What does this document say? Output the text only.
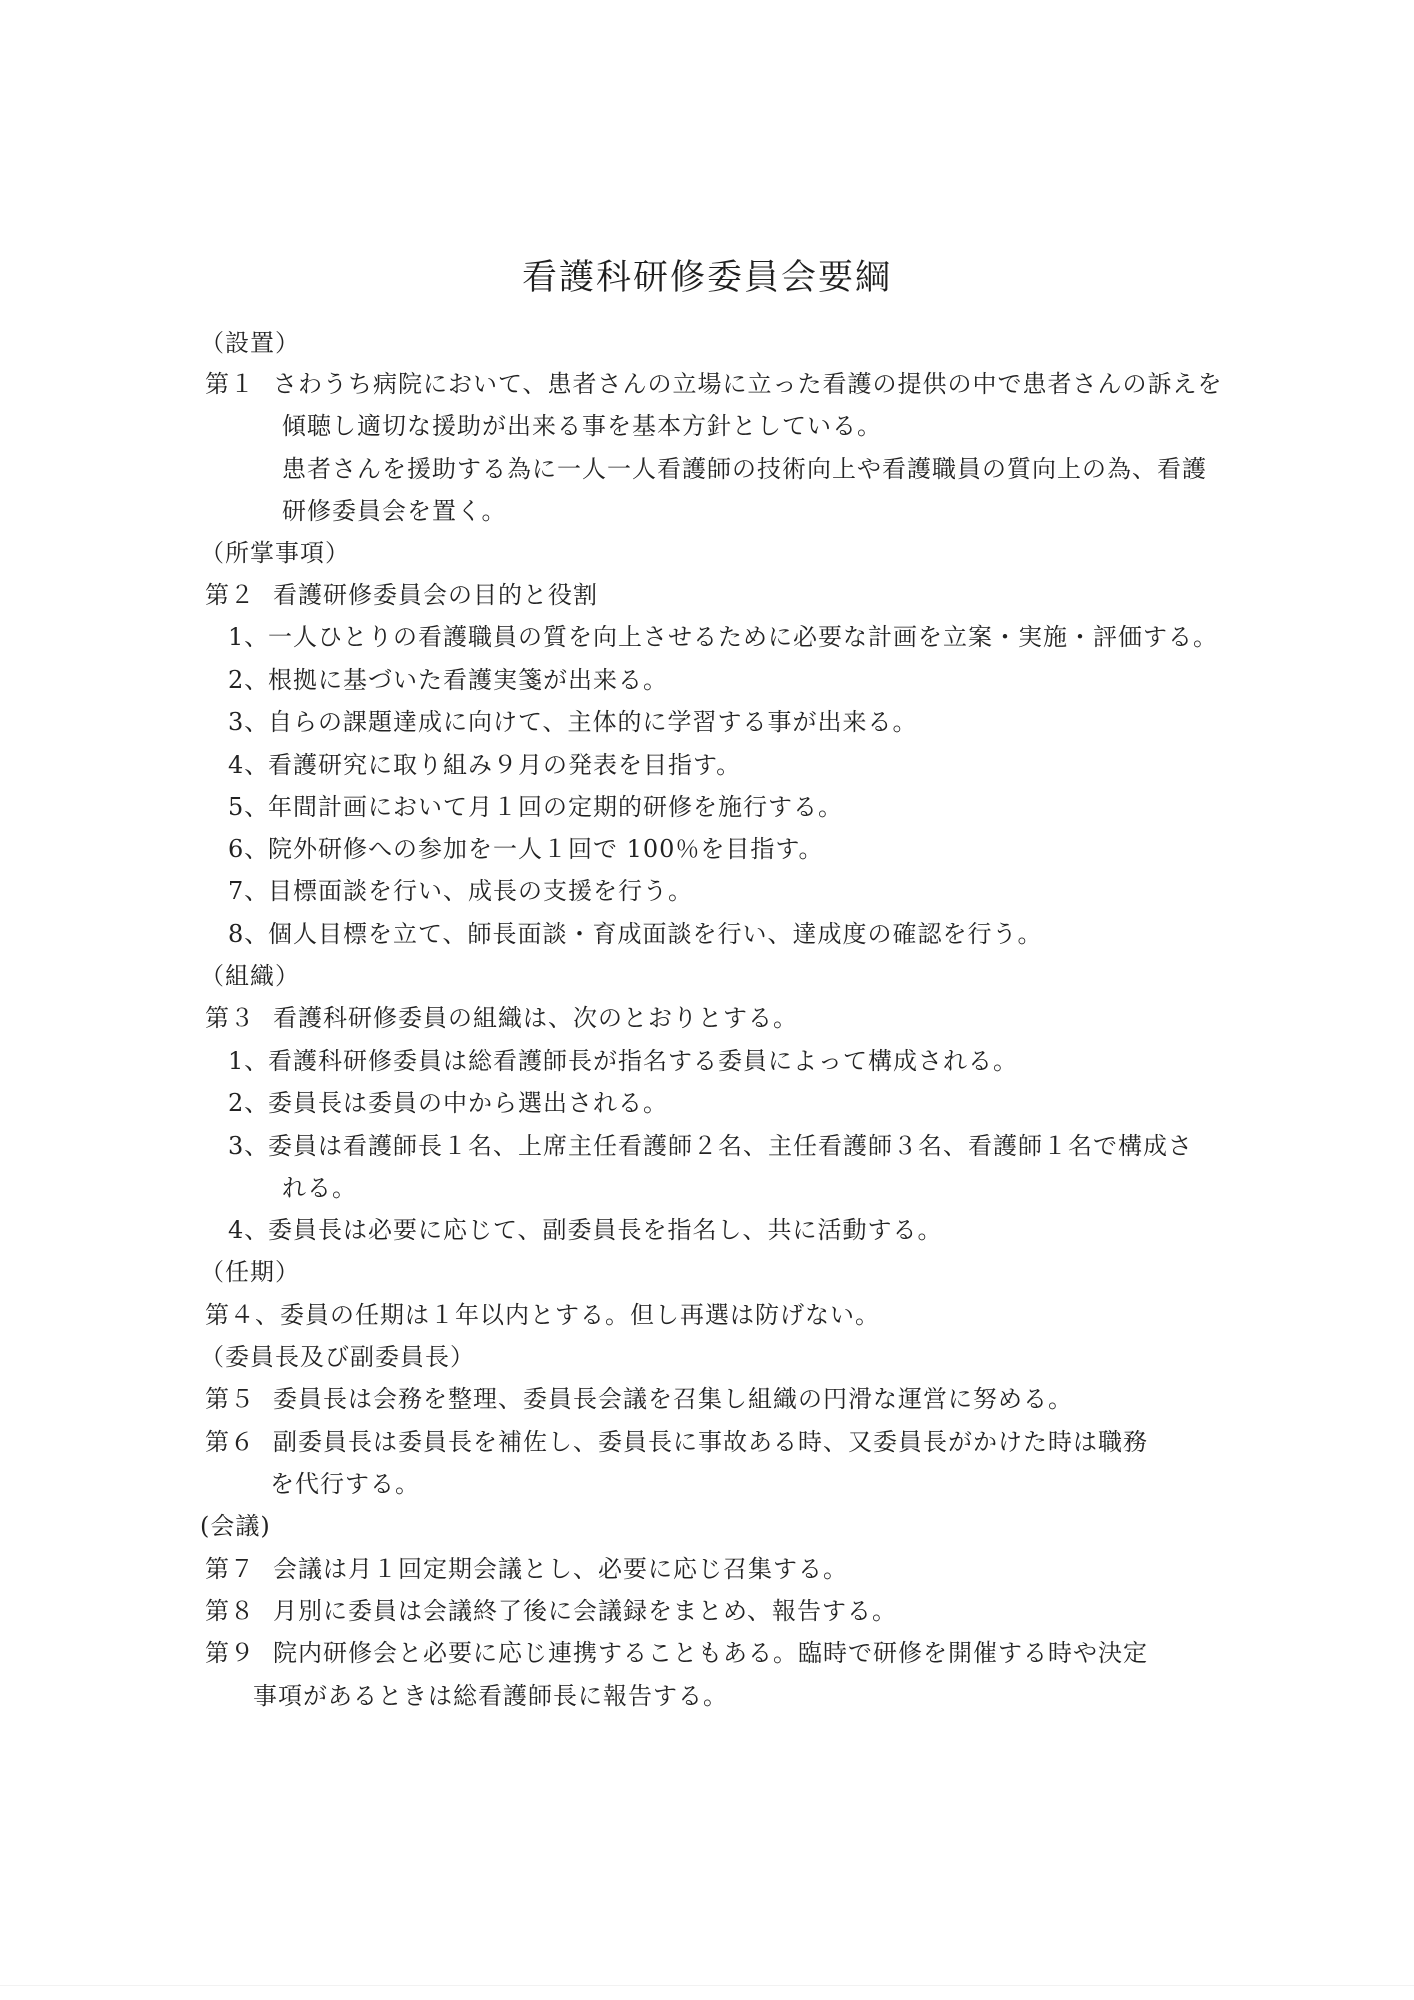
看護科研修委員会要綱
（設置）
第１ さわうち病院において、患者さんの立場に立った看護の提供の中で患者さんの訴えを
傾聴し適切な援助が出来る事を基本方針としている。
患者さんを援助する為に一人一人看護師の技術向上や看護職員の質向上の為、看護
研修委員会を置く。
（所掌事項）
第２ 看護研修委員会の目的と役割
1、一人ひとりの看護職員の質を向上させるために必要な計画を立案・実施・評価する。
2、根拠に基づいた看護実箋が出来る。
3、自らの課題達成に向けて、主体的に学習する事が出来る。
4、看護研究に取り組み９月の発表を目指す。
5、年間計画において月１回の定期的研修を施行する。
6、院外研修への参加を一人１回で 100％を目指す。
7、目標面談を行い、成長の支援を行う。
8、個人目標を立て、師長面談・育成面談を行い、達成度の確認を行う。
（組織）
第３ 看護科研修委員の組織は、次のとおりとする。
1、看護科研修委員は総看護師長が指名する委員によって構成される。
2、委員長は委員の中から選出される。
3、委員は看護師長１名、上席主任看護師２名、主任看護師３名、看護師１名で構成さ
れる。
4、委員長は必要に応じて、副委員長を指名し、共に活動する。
（任期）
第４、委員の任期は１年以内とする。但し再選は防げない。
（委員長及び副委員長）
第５ 委員長は会務を整理、委員長会議を召集し組織の円滑な運営に努める。
第６ 副委員長は委員長を補佐し、委員長に事故ある時、又委員長がかけた時は職務
を代行する。
(会議)
第７ 会議は月１回定期会議とし、必要に応じ召集する。
第８ 月別に委員は会議終了後に会議録をまとめ、報告する。
第９ 院内研修会と必要に応じ連携することもある。臨時で研修を開催する時や決定
事項があるときは総看護師長に報告する。
